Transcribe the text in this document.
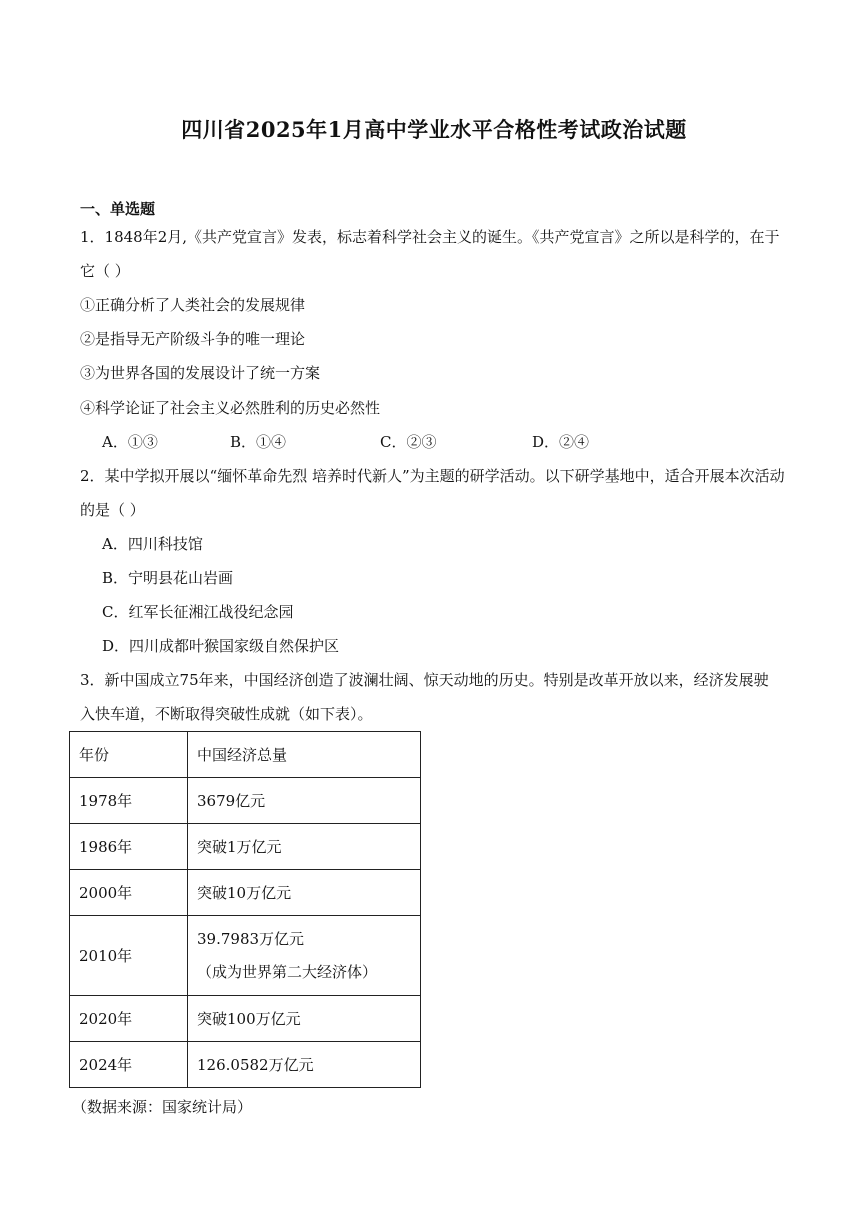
四川省2025年1月高中学业水平合格性考试政治试题
一、单选题
1．1848年2月,《共产党宣言》发表，标志着科学社会主义的诞生。《共产党宣言》之所以是科学的，在于
它（ ）
①正确分析了人类社会的发展规律
②是指导无产阶级斗争的唯一理论
③为世界各国的发展设计了统一方案
④科学论证了社会主义必然胜利的历史必然性
A．①③	B．①④	C．②③	D．②④
2．某中学拟开展以“缅怀革命先烈 培养时代新人”为主题的研学活动。以下研学基地中，适合开展本次活动
的是（ ）
A．四川科技馆
B．宁明县花山岩画
C．红军长征湘江战役纪念园
D．四川成都叶猴国家级自然保护区
3．新中国成立75年来，中国经济创造了波澜壮阔、惊天动地的历史。特别是改革开放以来，经济发展驶
入快车道，不断取得突破性成就（如下表）。
年份	中国经济总量
1978年	3679亿元
1986年	突破1万亿元
2000年	突破10万亿元
2010年	39.7983万亿元
（成为世界第二大经济体）

2020年	突破100万亿元
2024年	126.0582万亿元
（数据来源：国家统计局）
